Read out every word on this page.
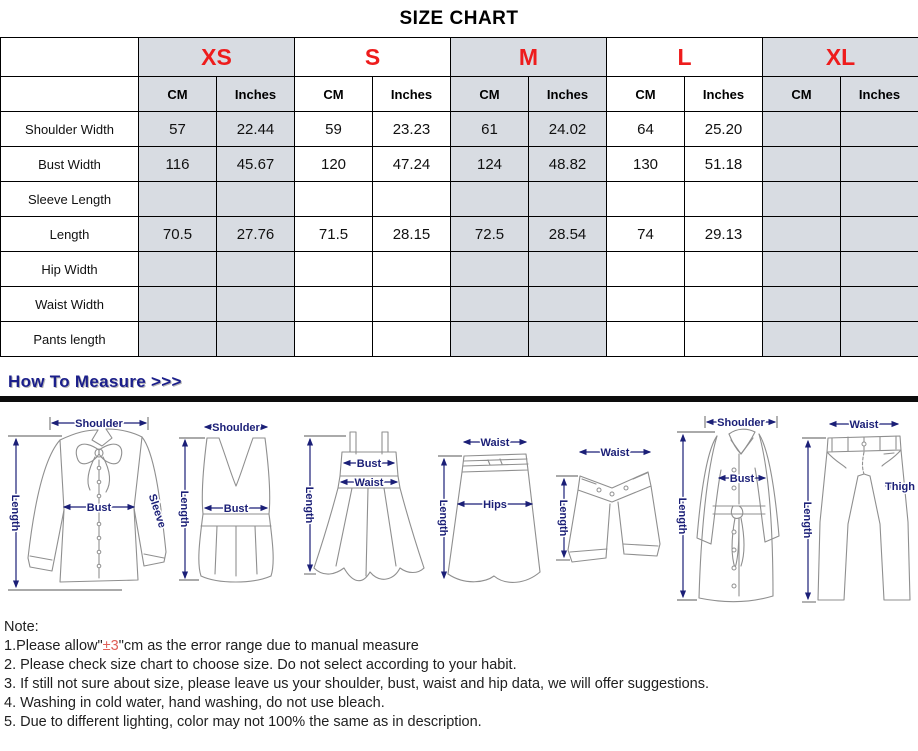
SIZE CHART
	XS		S		M		L		XL	
	CM	Inches	CM	Inches	CM	Inches	CM	Inches	CM	Inches
Shoulder Width	57	22.44	59	23.23	61	24.02	64	25.20		
Bust Width	116	45.67	120	47.24	124	48.82	130	51.18		
Sleeve Length										
Length	70.5	27.76	71.5	28.15	72.5	28.54	74	29.13		
Hip Width										
Waist Width										
Pants length										
How To Measure >>>
Shoulder
Bust	Sleeve
Length
Shoulder
Bust
Length
Bust
Waist
Length
Waist
Hips
Length
Waist
Length
Shoulder
Bust
Length
Waist
Thigh
Length
Note:
1.Please allow"±3"cm as the error range due to manual measure
2. Please check size chart to choose size. Do not select according to your habit.
3. If still not sure about size, please leave us your shoulder, bust, waist and hip data, we will offer suggestions.
4. Washing in cold water, hand washing, do not use bleach.
5. Due to different lighting, color may not 100% the same as in description.
